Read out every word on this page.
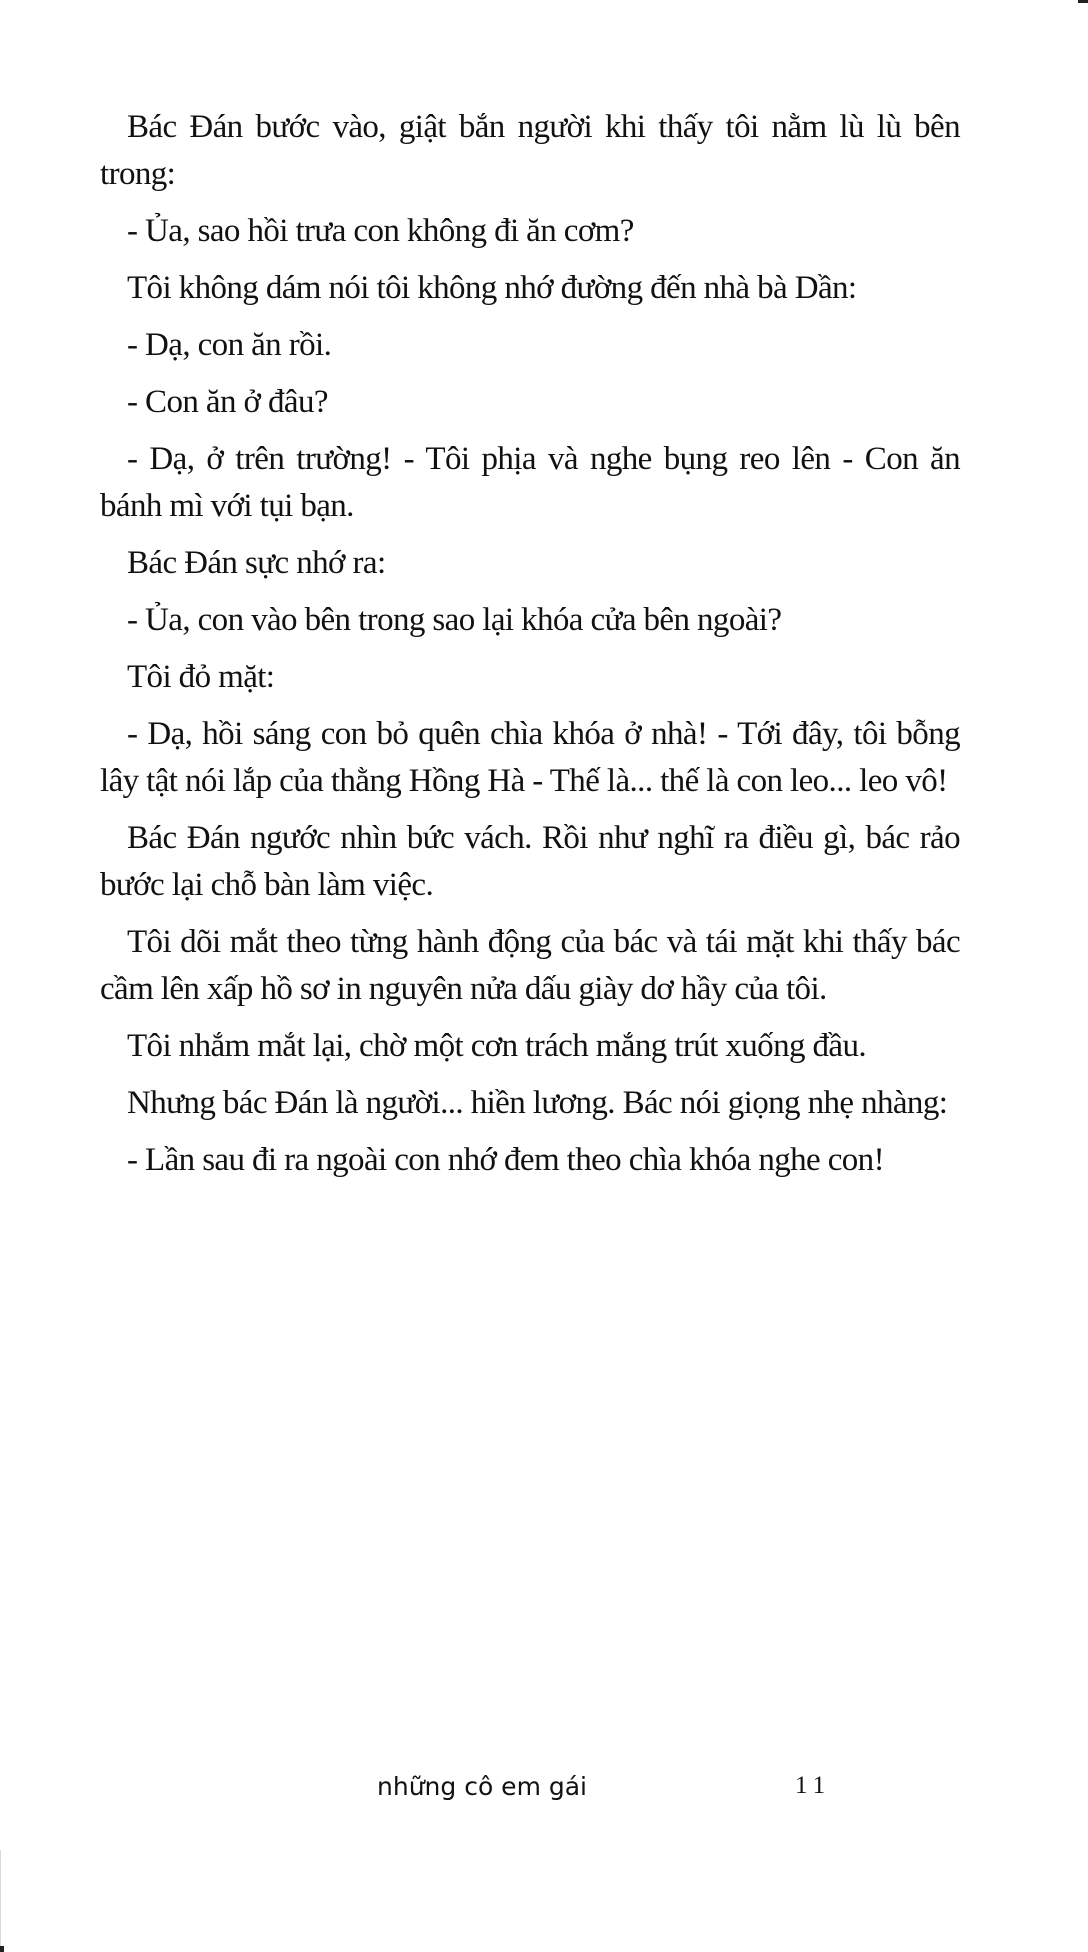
Bác Đán bước vào, giật bắn người khi thấy tôi nằm lù lù bên trong:

- Ủa, sao hồi trưa con không đi ăn cơm?

Tôi không dám nói tôi không nhớ đường đến nhà bà Dần:

- Dạ, con ăn rồi.

- Con ăn ở đâu?

- Dạ, ở trên trường! - Tôi phịa và nghe bụng reo lên - Con ăn bánh mì với tụi bạn.

Bác Đán sực nhớ ra:

- Ủa, con vào bên trong sao lại khóa cửa bên ngoài?

Tôi đỏ mặt:

- Dạ, hồi sáng con bỏ quên chìa khóa ở nhà! - Tới đây, tôi bỗng lây tật nói lắp của thằng Hồng Hà - Thế là... thế là con leo... leo vô!

Bác Đán ngước nhìn bức vách. Rồi như nghĩ ra điều gì, bác rảo bước lại chỗ bàn làm việc.

Tôi dõi mắt theo từng hành động của bác và tái mặt khi thấy bác cầm lên xấp hồ sơ in nguyên nửa dấu giày dơ hầy của tôi.

Tôi nhắm mắt lại, chờ một cơn trách mắng trút xuống đầu.

Nhưng bác Đán là người... hiền lương. Bác nói giọng nhẹ nhàng:

- Lần sau đi ra ngoài con nhớ đem theo chìa khóa nghe con!

những cô em gái	11
